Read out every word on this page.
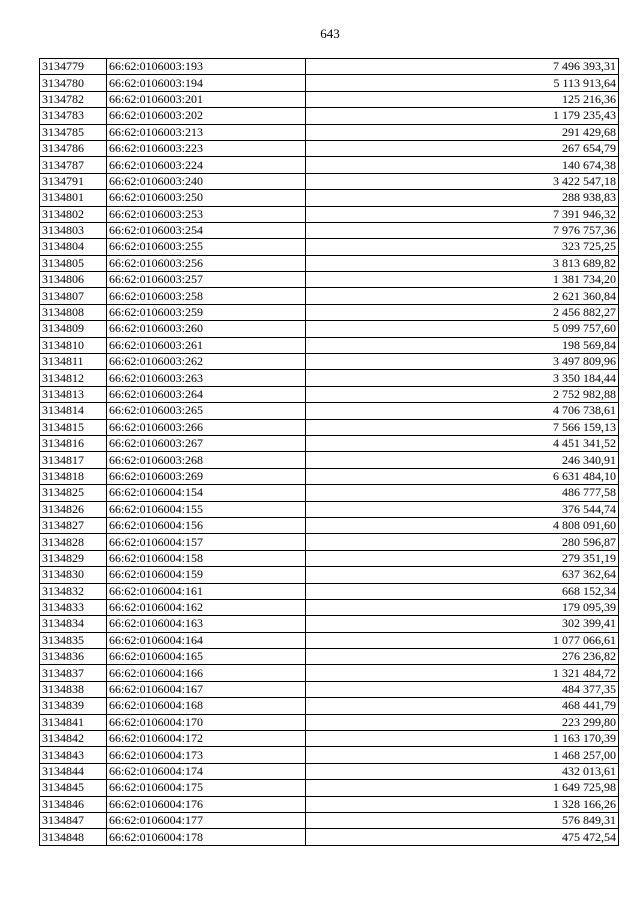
643
3134779	66:62:0106003:193	7 496 393,31
3134780	66:62:0106003:194	5 113 913,64
3134782	66:62:0106003:201	125 216,36
3134783	66:62:0106003:202	1 179 235,43
3134785	66:62:0106003:213	291 429,68
3134786	66:62:0106003:223	267 654,79
3134787	66:62:0106003:224	140 674,38
3134791	66:62:0106003:240	3 422 547,18
3134801	66:62:0106003:250	288 938,83
3134802	66:62:0106003:253	7 391 946,32
3134803	66:62:0106003:254	7 976 757,36
3134804	66:62:0106003:255	323 725,25
3134805	66:62:0106003:256	3 813 689,82
3134806	66:62:0106003:257	1 381 734,20
3134807	66:62:0106003:258	2 621 360,84
3134808	66:62:0106003:259	2 456 882,27
3134809	66:62:0106003:260	5 099 757,60
3134810	66:62:0106003:261	198 569,84
3134811	66:62:0106003:262	3 497 809,96
3134812	66:62:0106003:263	3 350 184,44
3134813	66:62:0106003:264	2 752 982,88
3134814	66:62:0106003:265	4 706 738,61
3134815	66:62:0106003:266	7 566 159,13
3134816	66:62:0106003:267	4 451 341,52
3134817	66:62:0106003:268	246 340,91
3134818	66:62:0106003:269	6 631 484,10
3134825	66:62:0106004:154	486 777,58
3134826	66:62:0106004:155	376 544,74
3134827	66:62:0106004:156	4 808 091,60
3134828	66:62:0106004:157	280 596,87
3134829	66:62:0106004:158	279 351,19
3134830	66:62:0106004:159	637 362,64
3134832	66:62:0106004:161	668 152,34
3134833	66:62:0106004:162	179 095,39
3134834	66:62:0106004:163	302 399,41
3134835	66:62:0106004:164	1 077 066,61
3134836	66:62:0106004:165	276 236,82
3134837	66:62:0106004:166	1 321 484,72
3134838	66:62:0106004:167	484 377,35
3134839	66:62:0106004:168	468 441,79
3134841	66:62:0106004:170	223 299,80
3134842	66:62:0106004:172	1 163 170,39
3134843	66:62:0106004:173	1 468 257,00
3134844	66:62:0106004:174	432 013,61
3134845	66:62:0106004:175	1 649 725,98
3134846	66:62:0106004:176	1 328 166,26
3134847	66:62:0106004:177	576 849,31
3134848	66:62:0106004:178	475 472,54
